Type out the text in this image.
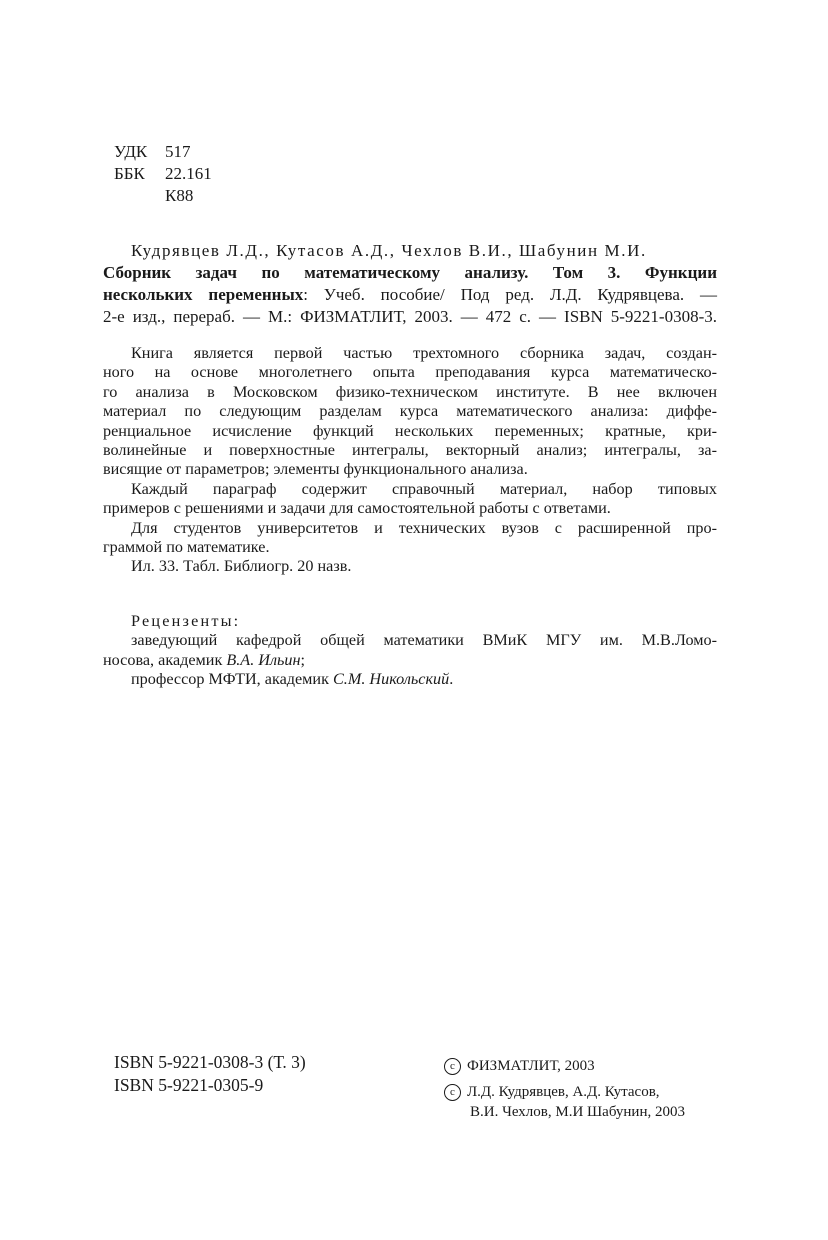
УДК	517
ББК	22.161
К88
Кудрявцев Л.Д., Кутасов А.Д., Чехлов В.И., Шабунин М.И.
Сборник задач по математическому анализу. Том 3. Функции
нескольких переменных: Учеб. пособие/ Под ред. Л.Д. Кудрявцева. —
2-е изд., перераб. — М.: ФИЗМАТЛИТ, 2003. — 472 с. — ISBN 5-9221-0308-3.
Книга является первой частью трехтомного сборника задач, создан-
ного на основе многолетнего опыта преподавания курса математическо-
го анализа в Московском физико-техническом институте. В нее включен
материал по следующим разделам курса математического анализа: диффе-
ренциальное исчисление функций нескольких переменных; кратные, кри-
волинейные и поверхностные интегралы, векторный анализ; интегралы, за-
висящие от параметров; элементы функционального анализа.
Каждый параграф содержит справочный материал, набор типовых
примеров с решениями и задачи для самостоятельной работы с ответами.
Для студентов университетов и технических вузов с расширенной про-
граммой по математике.
Ил. 33. Табл. Библиогр. 20 назв.
Рецензенты:
заведующий кафедрой общей математики ВМиК МГУ им. М.В.Ломо-
носова, академик В.А. Ильин;
профессор МФТИ, академик С.М. Никольский.
ISBN 5-9221-0308-3 (Т. 3)
ISBN 5-9221-0305-9
c ФИЗМАТЛИТ, 2003
c Л.Д. Кудрявцев, А.Д. Кутасов,
В.И. Чехлов, М.И Шабунин, 2003
